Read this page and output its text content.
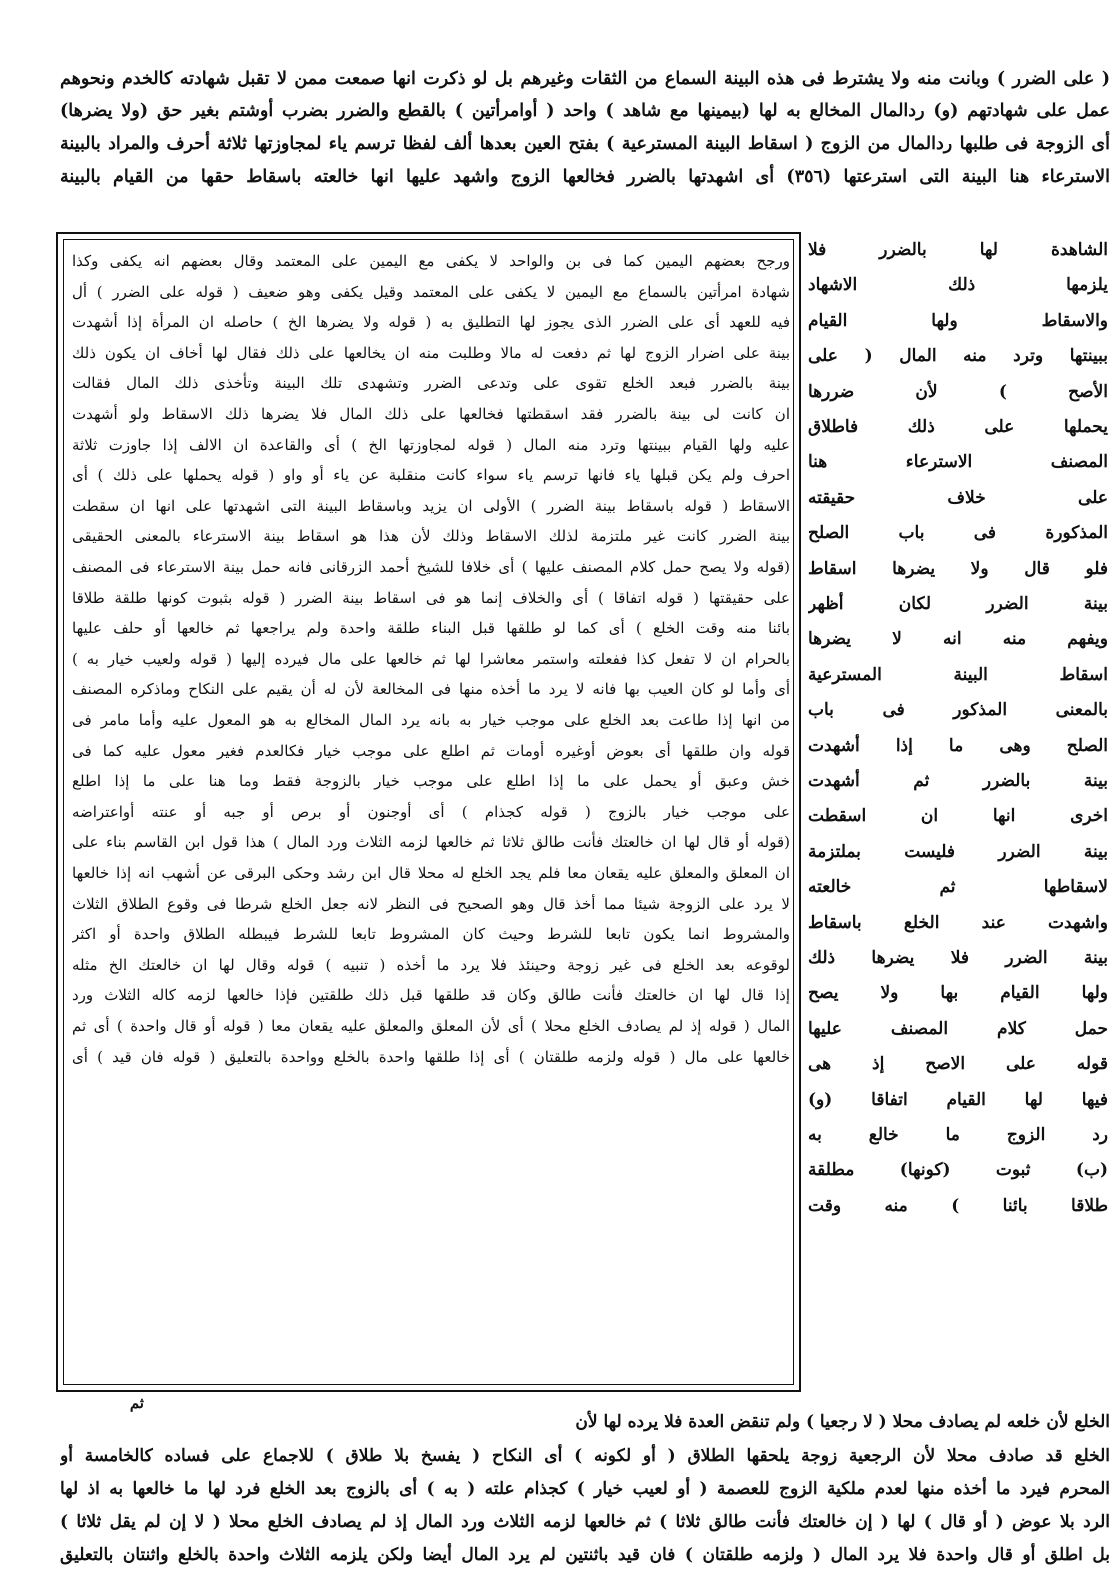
( على الضرر ) وبانت منه ولا يشترط فى هذه البينة السماع من الثقات وغيرهم بل لو ذكرت انها صمعت ممن لا تقبل شهادته كالخدم ونحوهم
عمل على شهادتهم (و) ردالمال المخالع به لها (بيمينها مع شاهد ) واحد ( أوامرأتين ) بالقطع والضرر بضرب أوشتم بغير حق (ولا يضرها)
أى الزوجة فى طلبها ردالمال من الزوج ( اسقاط البينة المسترعية ) بفتح العين بعدها ألف لفظا ترسم ياء لمجاوزتها ثلاثة أحرف والمراد بالبينة
الاسترعاء هنا البينة التى استرعتها (٣٥٦) أى اشهدتها بالضرر فخالعها الزوج واشهد عليها انها خالعته باسقاط حقها من القيام بالبينة
الشاهدة لها بالضرر فلا
يلزمها ذلك الاشهاد
والاسقاط ولها القيام
ببينتها وترد منه المال ( على
الأصح ) لأن ضررها
يحملها على ذلك فاطلاق
المصنف الاسترعاء هنا
على خلاف حقيقته
المذكورة فى باب الصلح
فلو قال ولا يضرها اسقاط
بينة الضرر لكان أظهر
ويفهم منه انه لا يضرها
اسقاط البينة المسترعية
بالمعنى المذكور فى باب
الصلح وهى ما إذا أشهدت
بينة بالضرر ثم أشهدت
اخرى انها ان اسقطت
بينة الضرر فليست بملتزمة
لاسقاطها ثم خالعته
واشهدت عند الخلع باسقاط
بينة الضرر فلا يضرها ذلك
ولها القيام بها ولا يصح
حمل كلام المصنف عليها
قوله على الاصح إذ هى
فيها لها القيام اتفاقا (و)
رد الزوج ما خالع به
(ب) ثبوت (كونها) مطلقة
طلاقا بائنا ) منه وقت
ورجح بعضهم اليمين كما فى بن والواحد لا يكفى مع اليمين على المعتمد وقال بعضهم انه يكفى وكذا
شهادة امرأتين بالسماع مع اليمين لا يكفى على المعتمد وقيل يكفى وهو ضعيف ( قوله على الضرر ) أل
فيه للعهد أى على الضرر الذى يجوز لها التطليق به ( قوله ولا يضرها الخ ) حاصله ان المرأة إذا أشهدت
بينة على اضرار الزوج لها ثم دفعت له مالا وطلبت منه ان يخالعها على ذلك فقال لها أخاف ان يكون ذلك
بينة بالضرر فبعد الخلع تقوى على وتدعى الضرر وتشهدى تلك البينة وتأخذى ذلك المال فقالت
ان كانت لى بينة بالضرر فقد اسقطتها فخالعها على ذلك المال فلا يضرها ذلك الاسقاط ولو أشهدت
عليه ولها القيام ببينتها وترد منه المال ( قوله لمجاوزتها الخ ) أى والقاعدة ان الالف إذا جاوزت ثلاثة
احرف ولم يكن قبلها ياء فانها ترسم ياء سواء كانت منقلبة عن ياء أو واو ( قوله يحملها على ذلك ) أى
الاسقاط ( قوله باسقاط بينة الضرر ) الأولى ان يزيد وباسقاط البينة التى اشهدتها على انها ان سقطت
بينة الضرر كانت غير ملتزمة لذلك الاسقاط وذلك لأن هذا هو اسقاط بينة الاسترعاء بالمعنى الحقيقى
(قوله ولا يصح حمل كلام المصنف عليها ) أى خلافا للشيخ أحمد الزرقانى فانه حمل بينة الاسترعاء فى المصنف
على حقيقتها ( قوله اتفاقا ) أى والخلاف إنما هو فى اسقاط بينة الضرر ( قوله بثبوت كونها طلقة طلاقا
بائنا منه وقت الخلع ) أى كما لو طلقها قبل البناء طلقة واحدة ولم يراجعها ثم خالعها أو حلف عليها
بالحرام ان لا تفعل كذا ففعلته واستمر معاشرا لها ثم خالعها على مال فيرده إليها ( قوله ولعيب خيار به )
أى وأما لو كان العيب بها فانه لا يرد ما أخذه منها فى المخالعة لأن له أن يقيم على النكاح وماذكره المصنف
من انها إذا طاعت بعد الخلع على موجب خيار به بانه يرد المال المخالع به هو المعول عليه وأما مامر فى
قوله وان طلقها أى بعوض أوغيره أومات ثم اطلع على موجب خيار فكالعدم فغير معول عليه كما فى
خش وعبق أو يحمل على ما إذا اطلع على موجب خيار بالزوجة فقط وما هنا على ما إذا اطلع
على موجب خيار بالزوج ( قوله كجذام ) أى أوجنون أو برص أو جبه أو عنته أواعتراضه
(قوله أو قال لها ان خالعتك فأنت طالق ثلاثا ثم خالعها لزمه الثلاث ورد المال ) هذا قول ابن القاسم بناء على
ان المعلق والمعلق عليه يقعان معا فلم يجد الخلع له محلا قال ابن رشد وحكى البرقى عن أشهب انه إذا خالعها
لا يرد على الزوجة شيئا مما أخذ قال وهو الصحيح فى النظر لانه جعل الخلع شرطا فى وقوع الطلاق الثلاث
والمشروط انما يكون تابعا للشرط وحيث كان المشروط تابعا للشرط فيبطله الطلاق واحدة أو اكثر
لوقوعه بعد الخلع فى غير زوجة وحينئذ فلا يرد ما أخذه ( تنبيه ) قوله وقال لها ان خالعتك الخ مثله
إذا قال لها ان خالعتك فأنت طالق وكان قد طلقها قبل ذلك طلقتين فإذا خالعها لزمه كاله الثلاث ورد
المال ( قوله إذ لم يصادف الخلع محلا ) أى لأن المعلق والمعلق عليه يقعان معا ( قوله أو قال واحدة ) أى ثم
خالعها على مال ( قوله ولزمه طلقتان ) أى إذا طلقها واحدة بالخلع وواحدة بالتعليق ( قوله فان قيد ) أى
الخلع لأن خلعه لم يصادف محلا ( لا رجعيا ) ولم تنقض العدة فلا يرده لها لأن
ثم
الخلع قد صادف محلا لأن الرجعية زوجة يلحقها الطلاق ( أو لكونه ) أى النكاح ( يفسخ بلا طلاق ) للاجماع على فساده كالخامسة أو
المحرم فيرد ما أخذه منها لعدم ملكية الزوج للعصمة ( أو لعيب خيار ) كجذام علته ( به ) أى بالزوج بعد الخلع فرد لها ما خالعها به اذ لها
الرد بلا عوض ( أو قال ) لها ( إن خالعتك فأنت طالق ثلاثا ) ثم خالعها لزمه الثلاث ورد المال إذ لم يصادف الخلع محلا ( لا إن لم يقل ثلاثا )
بل اطلق أو قال واحدة فلا يرد المال ( ولزمه طلقتان ) فان قيد باثنتين لم يرد المال أيضا ولكن يلزمه الثلاث واحدة بالخلع واثنتان بالتعليق
